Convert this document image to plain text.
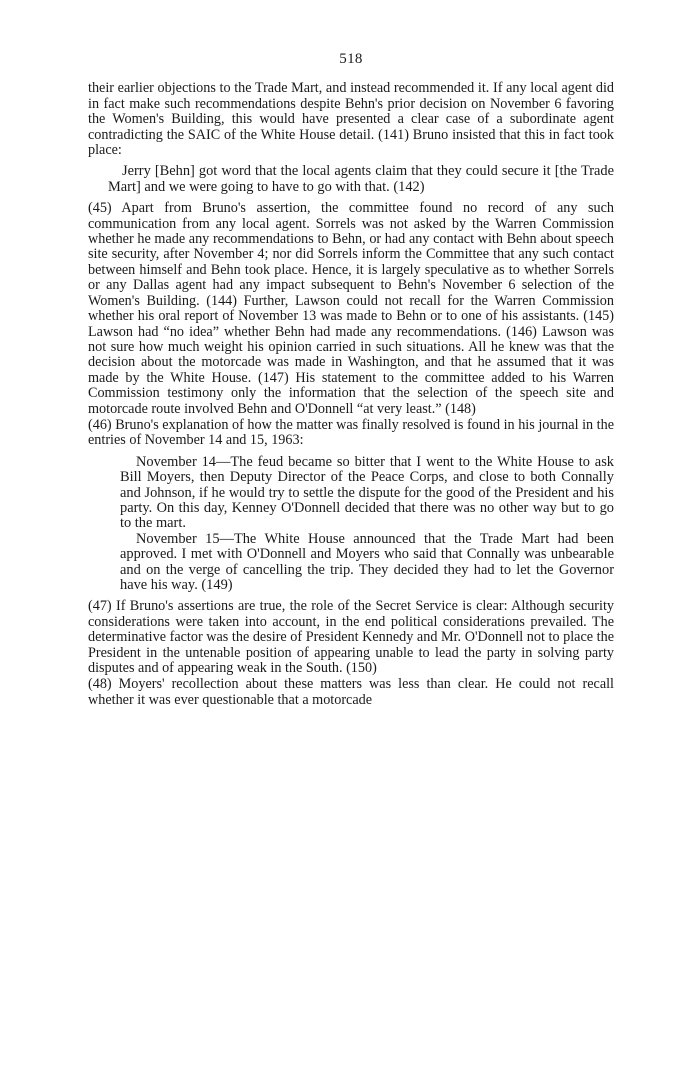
518

their earlier objections to the Trade Mart, and instead recommended it. If any local agent did in fact make such recommendations despite Behn's prior decision on November 6 favoring the Women's Building, this would have presented a clear case of a subordinate agent contradicting the SAIC of the White House detail. (141) Bruno insisted that this in fact took place:

Jerry [Behn] got word that the local agents claim that they could secure it [the Trade Mart] and we were going to have to go with that. (142)

(45) Apart from Bruno's assertion, the committee found no record of any such communication from any local agent. Sorrels was not asked by the Warren Commission whether he made any recommendations to Behn, or had any contact with Behn about speech site security, after November 4; nor did Sorrels inform the Committee that any such contact between himself and Behn took place. Hence, it is largely speculative as to whether Sorrels or any Dallas agent had any impact subsequent to Behn's November 6 selection of the Women's Building. (144) Further, Lawson could not recall for the Warren Commission whether his oral report of November 13 was made to Behn or to one of his assistants. (145) Lawson had “no idea” whether Behn had made any recommendations. (146) Lawson was not sure how much weight his opinion carried in such situations. All he knew was that the decision about the motorcade was made in Washington, and that he assumed that it was made by the White House. (147) His statement to the committee added to his Warren Commission testimony only the information that the selection of the speech site and motorcade route involved Behn and O'Donnell “at very least.” (148)

(46) Bruno's explanation of how the matter was finally resolved is found in his journal in the entries of November 14 and 15, 1963:

November 14—The feud became so bitter that I went to the White House to ask Bill Moyers, then Deputy Director of the Peace Corps, and close to both Connally and Johnson, if he would try to settle the dispute for the good of the President and his party. On this day, Kenney O'Donnell decided that there was no other way but to go to the mart.

November 15—The White House announced that the Trade Mart had been approved. I met with O'Donnell and Moyers who said that Connally was unbearable and on the verge of cancelling the trip. They decided they had to let the Governor have his way. (149)

(47) If Bruno's assertions are true, the role of the Secret Service is clear: Although security considerations were taken into account, in the end political considerations prevailed. The determinative factor was the desire of President Kennedy and Mr. O'Donnell not to place the President in the untenable position of appearing unable to lead the party in solving party disputes and of appearing weak in the South. (150)

(48) Moyers' recollection about these matters was less than clear. He could not recall whether it was ever questionable that a motorcade
